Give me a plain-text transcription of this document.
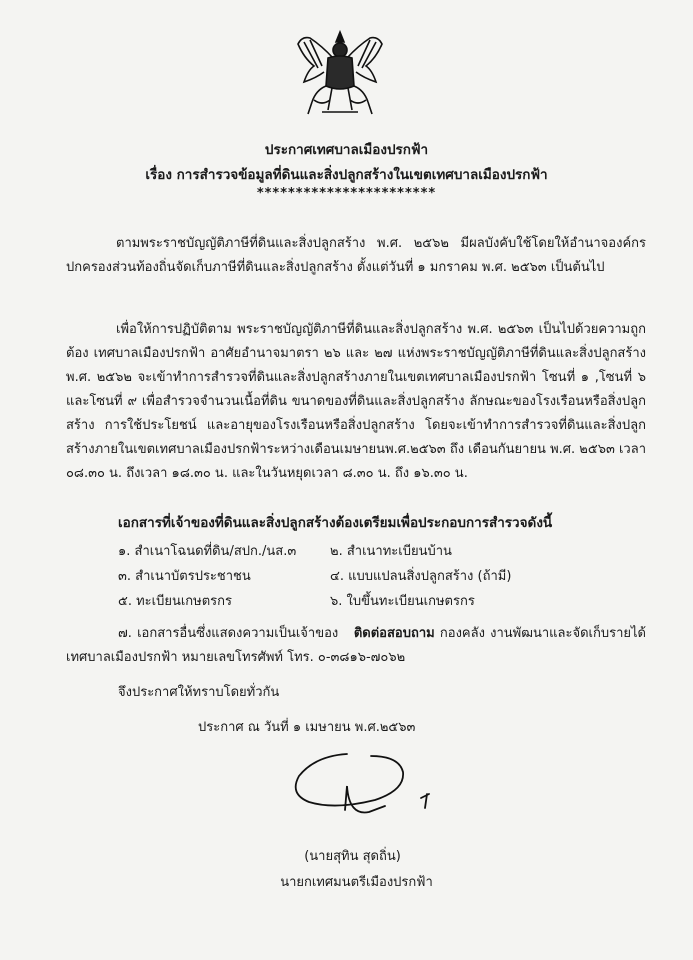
ประกาศเทศบาลเมืองปรกฟ้า
เรื่อง การสำรวจข้อมูลที่ดินและสิ่งปลูกสร้างในเขตเทศบาลเมืองปรกฟ้า
***********************
ตามพระราชบัญญัติภาษีที่ดินและสิ่งปลูกสร้าง พ.ศ. ๒๕๖๒ มีผลบังคับใช้โดยให้อำนาจองค์กรปกครองส่วนท้องถิ่นจัดเก็บภาษีที่ดินและสิ่งปลูกสร้าง ตั้งแต่วันที่ ๑ มกราคม พ.ศ. ๒๕๖๓ เป็นต้นไป
เพื่อให้การปฏิบัติตาม พระราชบัญญัติภาษีที่ดินและสิ่งปลูกสร้าง พ.ศ. ๒๕๖๓ เป็นไปด้วยความถูกต้อง เทศบาลเมืองปรกฟ้า อาศัยอำนาจมาตรา ๒๖ และ ๒๗ แห่งพระราชบัญญัติภาษีที่ดินและสิ่งปลูกสร้าง พ.ศ. ๒๕๖๒ จะเข้าทำการสำรวจที่ดินและสิ่งปลูกสร้างภายในเขตเทศบาลเมืองปรกฟ้า โซนที่ ๑ ,โซนที่ ๖ และโซนที่ ๙ เพื่อสำรวจจำนวนเนื้อที่ดิน ขนาดของที่ดินและสิ่งปลูกสร้าง ลักษณะของโรงเรือนหรือสิ่งปลูกสร้าง การใช้ประโยชน์ และอายุของโรงเรือนหรือสิ่งปลูกสร้าง โดยจะเข้าทำการสำรวจที่ดินและสิ่งปลูกสร้างภายในเขตเทศบาลเมืองปรกฟ้าระหว่างเดือนเมษายนพ.ศ.๒๕๖๓ ถึง เดือนกันยายน พ.ศ. ๒๕๖๓ เวลา ๐๘.๓๐ น. ถึงเวลา ๑๘.๓๐ น. และในวันหยุดเวลา ๘.๓๐ น. ถึง ๑๖.๓๐ น.
เอกสารที่เจ้าของที่ดินและสิ่งปลูกสร้างต้องเตรียมเพื่อประกอบการสำรวจดังนี้
๑. สำเนาโฉนดที่ดิน/สปก./นส.๓	๒. สำเนาทะเบียนบ้าน
๓. สำเนาบัตรประชาชน	๔. แบบแปลนสิ่งปลูกสร้าง (ถ้ามี)
๕. ทะเบียนเกษตรกร	๖. ใบขึ้นทะเบียนเกษตรกร
๗. เอกสารอื่นซึ่งแสดงความเป็นเจ้าของ ติดต่อสอบถาม กองคลัง งานพัฒนาและจัดเก็บรายได้ เทศบาลเมืองปรกฟ้า หมายเลขโทรศัพท์ โทร. ๐-๓๘๑๖-๗๐๖๒
จึงประกาศให้ทราบโดยทั่วกัน
ประกาศ ณ วันที่ ๑ เมษายน พ.ศ.๒๕๖๓
(นายสุทิน สุดถิ่น)
นายกเทศมนตรีเมืองปรกฟ้า
